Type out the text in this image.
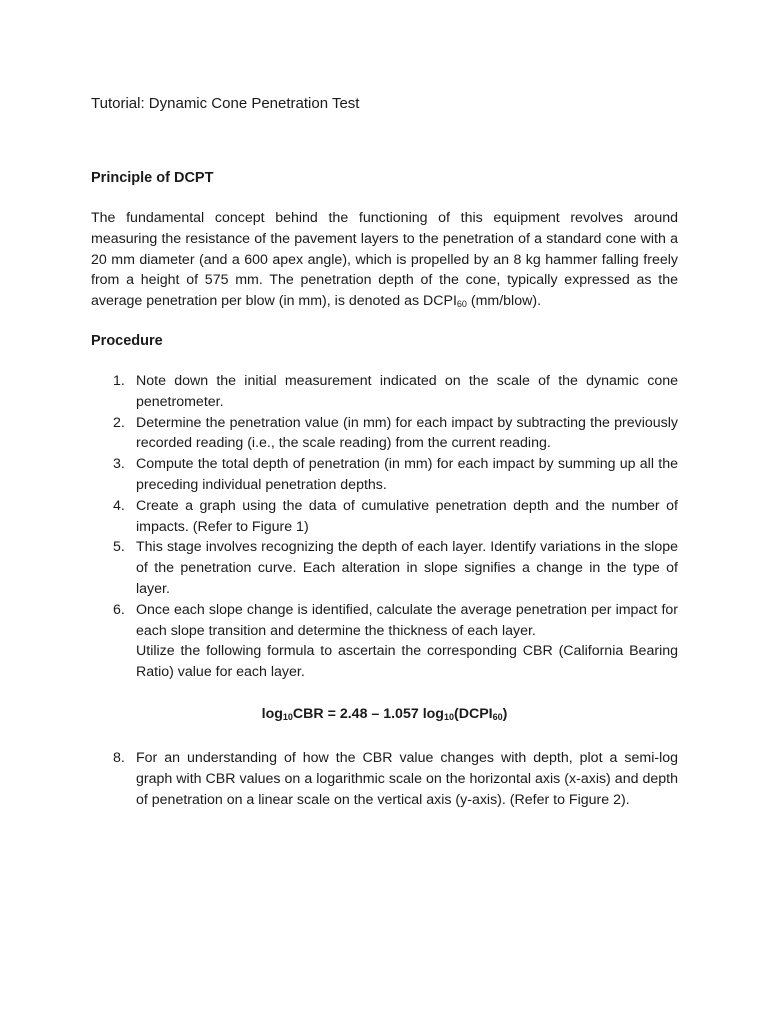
Tutorial: Dynamic Cone Penetration Test
Principle of DCPT

The fundamental concept behind the functioning of this equipment revolves around measuring the resistance of the pavement layers to the penetration of a standard cone with a 20 mm diameter (and a 600 apex angle), which is propelled by an 8 kg hammer falling freely from a height of 575 mm. The penetration depth of the cone, typically expressed as the average penetration per blow (in mm), is denoted as $DCPI_{60}$ (mm/blow).

Procedure
1. Note down the initial measurement indicated on the scale of the dynamic cone penetrometer.
2. Determine the penetration value (in mm) for each impact by subtracting the previously recorded reading (i.e., the scale reading) from the current reading.
3. Compute the total depth of penetration (in mm) for each impact by summing up all the preceding individual penetration depths.
4. Create a graph using the data of cumulative penetration depth and the number of impacts. (Refer to Figure 1)
5. This stage involves recognizing the depth of each layer. Identify variations in the slope of the penetration curve. Each alteration in slope signifies a change in the type of layer.
6. Once each slope change is identified, calculate the average penetration per impact for each slope transition and determine the thickness of each layer.
Utilize the following formula to ascertain the corresponding CBR (California Bearing Ratio) value for each layer.

$\log_{10}CBR = 2.48 - 1.057$ $\log_{10}(DCPI_{60})$

8. For an understanding of how the CBR value changes with depth, plot a semi-log graph with CBR values on a logarithmic scale on the horizontal axis (x-axis) and depth of penetration on a linear scale on the vertical axis (y-axis). (Refer to Figure 2).
